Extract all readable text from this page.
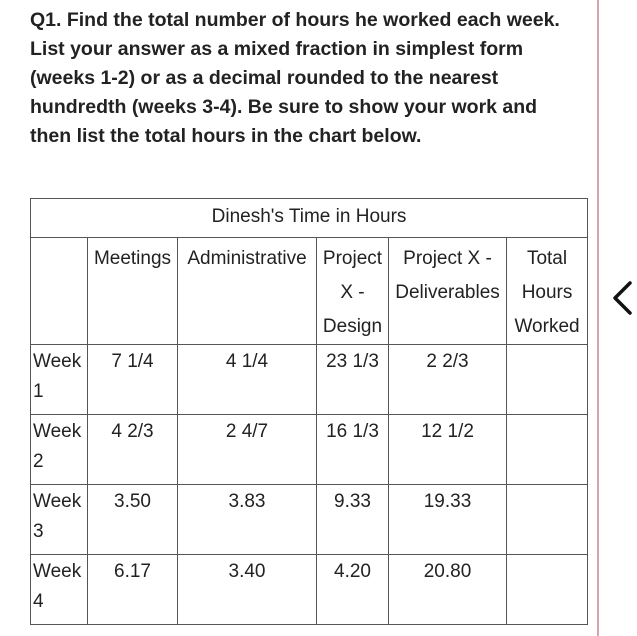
Q1. Find the total number of hours he worked each week.
List your answer as a mixed fraction in simplest form
(weeks 1-2) or as a decimal rounded to the nearest
hundredth (weeks 3-4). Be sure to show your work and
then list the total hours in the chart below.
Dinesh's Time in Hours					
	Meetings	Administrative	Project X - Design	Project X - Deliverables	Total Hours Worked
Week
1	7 1/4	4 1/4	23 1/3	2 2/3	
Week
2	4 2/3	2 4/7	16 1/3	12 1/2	
Week
3	3.50	3.83	9.33	19.33	
Week
4	6.17	3.40	4.20	20.80	
